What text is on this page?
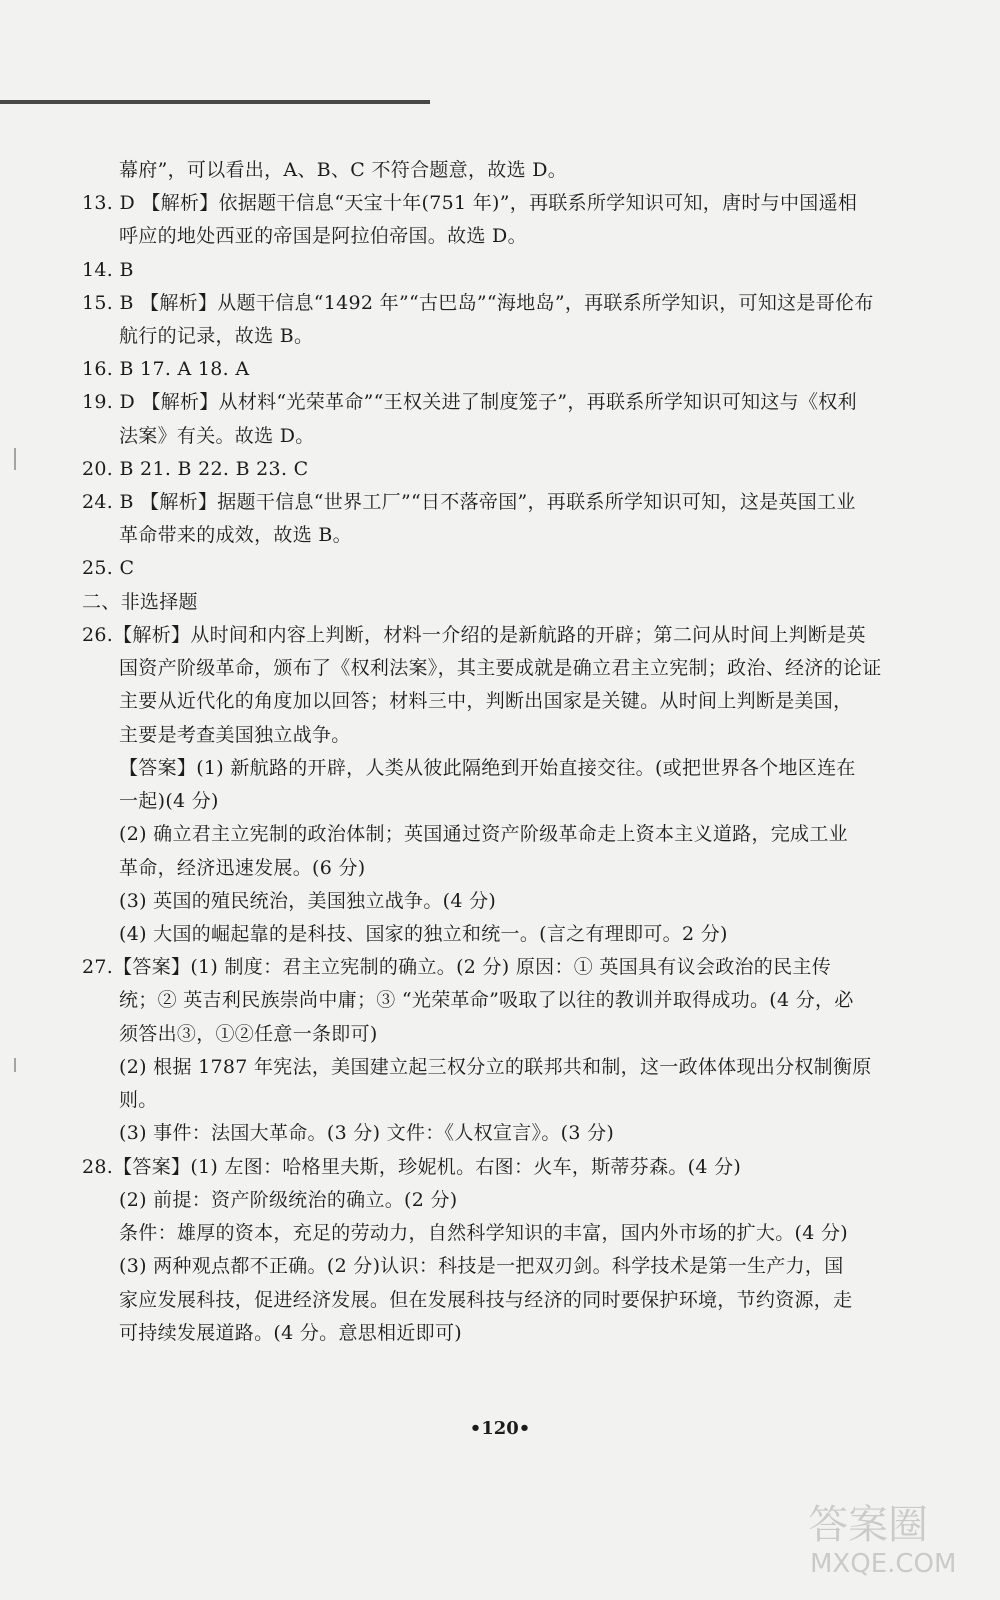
幕府”，可以看出，A、B、C 不符合题意，故选 D。
13. D 【解析】依据题干信息“天宝十年(751 年)”，再联系所学知识可知，唐时与中国遥相
呼应的地处西亚的帝国是阿拉伯帝国。故选 D。
14. B
15. B 【解析】从题干信息“1492 年”“古巴岛”“海地岛”，再联系所学知识，可知这是哥伦布
航行的记录，故选 B。
16. B 17. A 18. A
19. D 【解析】从材料“光荣革命”“王权关进了制度笼子”，再联系所学知识可知这与《权利
法案》有关。故选 D。
20. B 21. B 22. B 23. C
24. B 【解析】据题干信息“世界工厂”“日不落帝国”，再联系所学知识可知，这是英国工业
革命带来的成效，故选 B。
25. C
二、非选择题
26.【解析】从时间和内容上判断，材料一介绍的是新航路的开辟；第二问从时间上判断是英
国资产阶级革命，颁布了《权利法案》，其主要成就是确立君主立宪制；政治、经济的论证
主要从近代化的角度加以回答；材料三中，判断出国家是关键。从时间上判断是美国，
主要是考查美国独立战争。
【答案】(1) 新航路的开辟，人类从彼此隔绝到开始直接交往。(或把世界各个地区连在
一起)(4 分)
(2) 确立君主立宪制的政治体制；英国通过资产阶级革命走上资本主义道路，完成工业
革命，经济迅速发展。(6 分)
(3) 英国的殖民统治，美国独立战争。(4 分)
(4) 大国的崛起靠的是科技、国家的独立和统一。(言之有理即可。2 分)
27.【答案】(1) 制度：君主立宪制的确立。(2 分) 原因：① 英国具有议会政治的民主传
统；② 英吉利民族崇尚中庸；③ “光荣革命”吸取了以往的教训并取得成功。(4 分，必
须答出③，①②任意一条即可)
(2) 根据 1787 年宪法，美国建立起三权分立的联邦共和制，这一政体体现出分权制衡原
则。
(3) 事件：法国大革命。(3 分) 文件：《人权宣言》。(3 分)
28.【答案】(1) 左图：哈格里夫斯，珍妮机。右图：火车，斯蒂芬森。(4 分)
(2) 前提：资产阶级统治的确立。(2 分)
条件：雄厚的资本，充足的劳动力，自然科学知识的丰富，国内外市场的扩大。(4 分)
(3) 两种观点都不正确。(2 分)认识：科技是一把双刃剑。科学技术是第一生产力，国
家应发展科技，促进经济发展。但在发展科技与经济的同时要保护环境，节约资源，走
可持续发展道路。(4 分。意思相近即可)
•120•
答案圈
MXQE.COM
